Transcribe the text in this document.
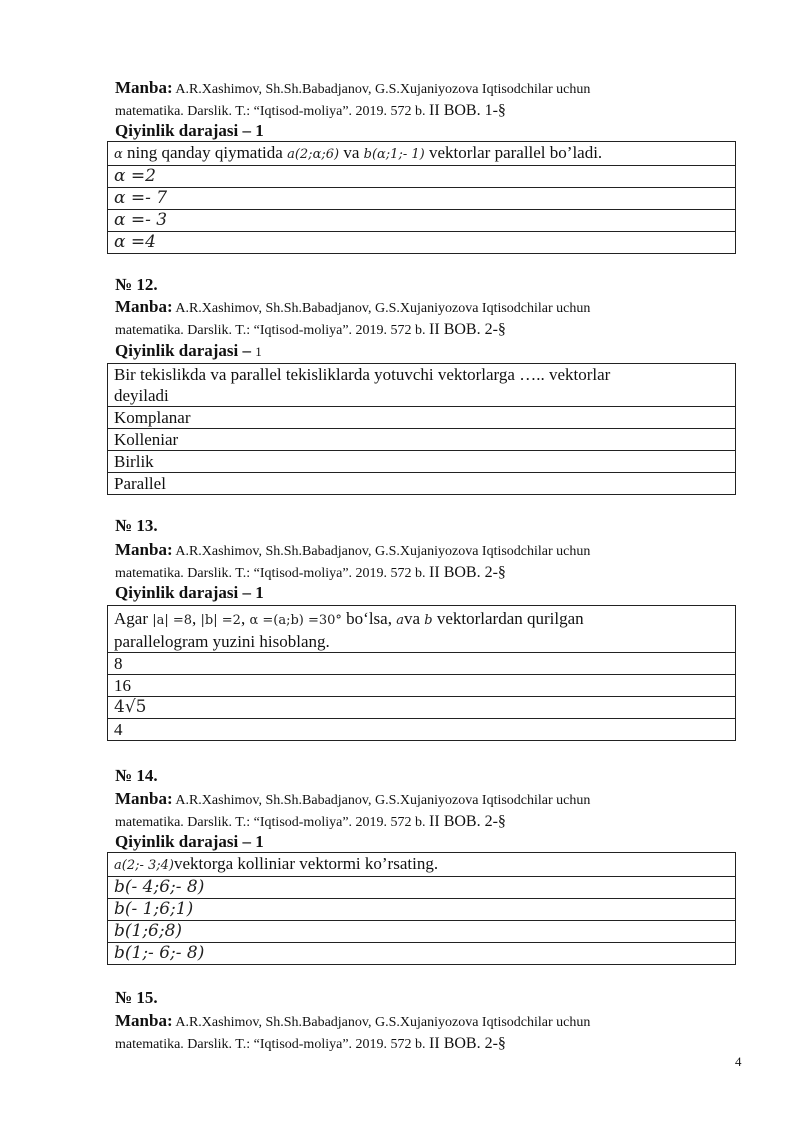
Manba: A.R.Xashimov, Sh.Sh.Babadjanov, G.S.Xujaniyozova Iqtisodchilar uchun
matematika. Darslik. T.: “Iqtisod-moliya”. 2019. 572 b. II BOB. 1-§
Qiyinlik darajasi – 1
α ning qanday qiymatida a(2;α;6) va b(α;1;- 1) vektorlar parallel bo’ladi.
α =2
α =- 7
α =- 3
α =4
№ 12.
Manba: A.R.Xashimov, Sh.Sh.Babadjanov, G.S.Xujaniyozova Iqtisodchilar uchun
matematika. Darslik. T.: “Iqtisod-moliya”. 2019. 572 b. II BOB. 2-§
Qiyinlik darajasi – 1
Bir tekislikda va parallel tekisliklarda yotuvchi vektorlarga ….. vektorlar
deyiladi
Komplanar
Kolleniar
Birlik
Parallel
№ 13.
Manba: A.R.Xashimov, Sh.Sh.Babadjanov, G.S.Xujaniyozova Iqtisodchilar uchun
matematika. Darslik. T.: “Iqtisod-moliya”. 2019. 572 b. II BOB. 2-§
Qiyinlik darajasi – 1
Agar |a| =8, |b| =2, α =(a;b) =30° bo‘lsa, ava b vektorlardan qurilgan
parallelogram yuzini hisoblang.
8
16
4√5
4
№ 14.
Manba: A.R.Xashimov, Sh.Sh.Babadjanov, G.S.Xujaniyozova Iqtisodchilar uchun
matematika. Darslik. T.: “Iqtisod-moliya”. 2019. 572 b. II BOB. 2-§
Qiyinlik darajasi – 1
a(2;- 3;4)vektorga kolliniar vektormi ko’rsating.
b(- 4;6;- 8)
b(- 1;6;1)
b(1;6;8)
b(1;- 6;- 8)
№ 15.
Manba: A.R.Xashimov, Sh.Sh.Babadjanov, G.S.Xujaniyozova Iqtisodchilar uchun
matematika. Darslik. T.: “Iqtisod-moliya”. 2019. 572 b. II BOB. 2-§
4
